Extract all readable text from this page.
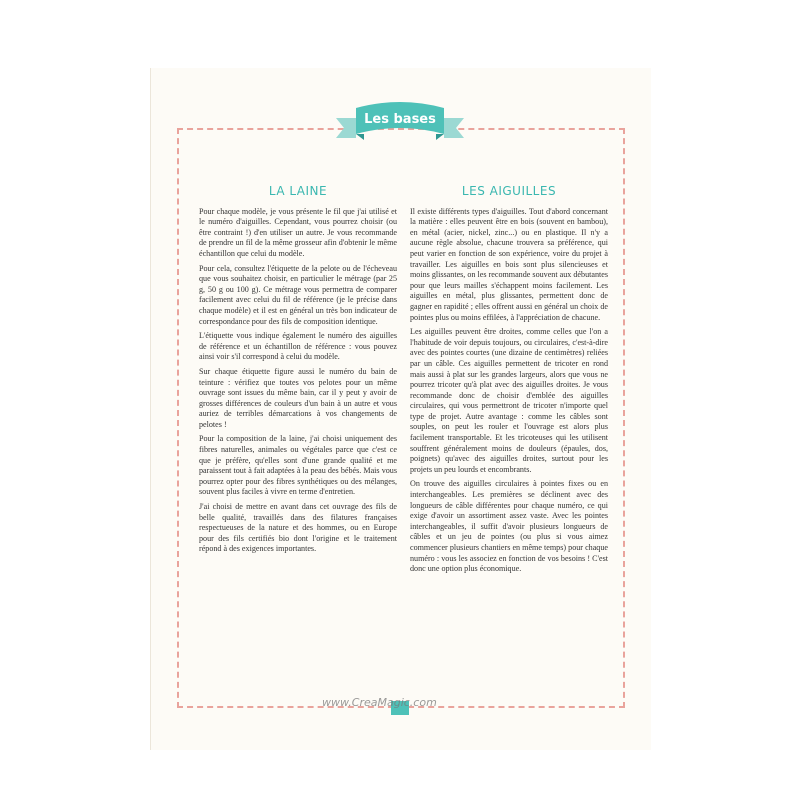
Les bases
LA LAINE

Pour chaque modèle, je vous présente le fil que j'ai utilisé et le numéro d'aiguilles. Cependant, vous pourrez choisir (ou être contraint !) d'en utiliser un autre. Je vous recommande de prendre un fil de la même grosseur afin d'obtenir le même échantillon que celui du modèle.

Pour cela, consultez l'étiquette de la pelote ou de l'écheveau que vous souhaitez choisir, en particulier le métrage (par 25 g, 50 g ou 100 g). Ce métrage vous permettra de comparer facilement avec celui du fil de référence (je le précise dans chaque modèle) et il est en général un très bon indicateur de correspondance pour des fils de composition identique.

L'étiquette vous indique également le numéro des aiguilles de référence et un échantillon de référence : vous pouvez ainsi voir s'il correspond à celui du modèle.

Sur chaque étiquette figure aussi le numéro du bain de teinture : vérifiez que toutes vos pelotes pour un même ouvrage sont issues du même bain, car il y peut y avoir de grosses différences de couleurs d'un bain à un autre et vous auriez de terribles démarcations à vos changements de pelotes !

Pour la composition de la laine, j'ai choisi uniquement des fibres naturelles, animales ou végétales parce que c'est ce que je préfère, qu'elles sont d'une grande qualité et me paraissent tout à fait adaptées à la peau des bébés. Mais vous pourrez opter pour des fibres synthétiques ou des mélanges, souvent plus faciles à vivre en terme d'entretien.

J'ai choisi de mettre en avant dans cet ouvrage des fils de belle qualité, travaillés dans des filatures françaises respectueuses de la nature et des hommes, ou en Europe pour des fils certifiés bio dont l'origine et le traitement répond à des exigences importantes.

LES AIGUILLES

Il existe différents types d'aiguilles. Tout d'abord concernant la matière : elles peuvent être en bois (souvent en bambou), en métal (acier, nickel, zinc...) ou en plastique. Il n'y a aucune règle absolue, chacune trouvera sa préférence, qui peut varier en fonction de son expérience, voire du projet à travailler. Les aiguilles en bois sont plus silencieuses et moins glissantes, on les recommande souvent aux débutantes pour que leurs mailles s'échappent moins facilement. Les aiguilles en métal, plus glissantes, permettent donc de gagner en rapidité ; elles offrent aussi en général un choix de pointes plus ou moins effilées, à l'appréciation de chacune.

Les aiguilles peuvent être droites, comme celles que l'on a l'habitude de voir depuis toujours, ou circulaires, c'est-à-dire avec des pointes courtes (une dizaine de centimètres) reliées par un câble. Ces aiguilles permettent de tricoter en rond mais aussi à plat sur les grandes largeurs, alors que vous ne pourrez tricoter qu'à plat avec des aiguilles droites. Je vous recommande donc de choisir d'emblée des aiguilles circulaires, qui vous permettront de tricoter n'importe quel type de projet. Autre avantage : comme les câbles sont souples, on peut les rouler et l'ouvrage est alors plus facilement transportable. Et les tricoteuses qui les utilisent souffrent généralement moins de douleurs (épaules, dos, poignets) qu'avec des aiguilles droites, surtout pour les projets un peu lourds et encombrants.

On trouve des aiguilles circulaires à pointes fixes ou en interchangeables. Les premières se déclinent avec des longueurs de câble différentes pour chaque numéro, ce qui exige d'avoir un assortiment assez vaste. Avec les pointes interchangeables, il suffit d'avoir plusieurs longueurs de câbles et un jeu de pointes (ou plus si vous aimez commencer plusieurs chantiers en même temps) pour chaque numéro : vous les associez en fonction de vos besoins ! C'est donc une option plus économique.

www.CreaMagic.com
